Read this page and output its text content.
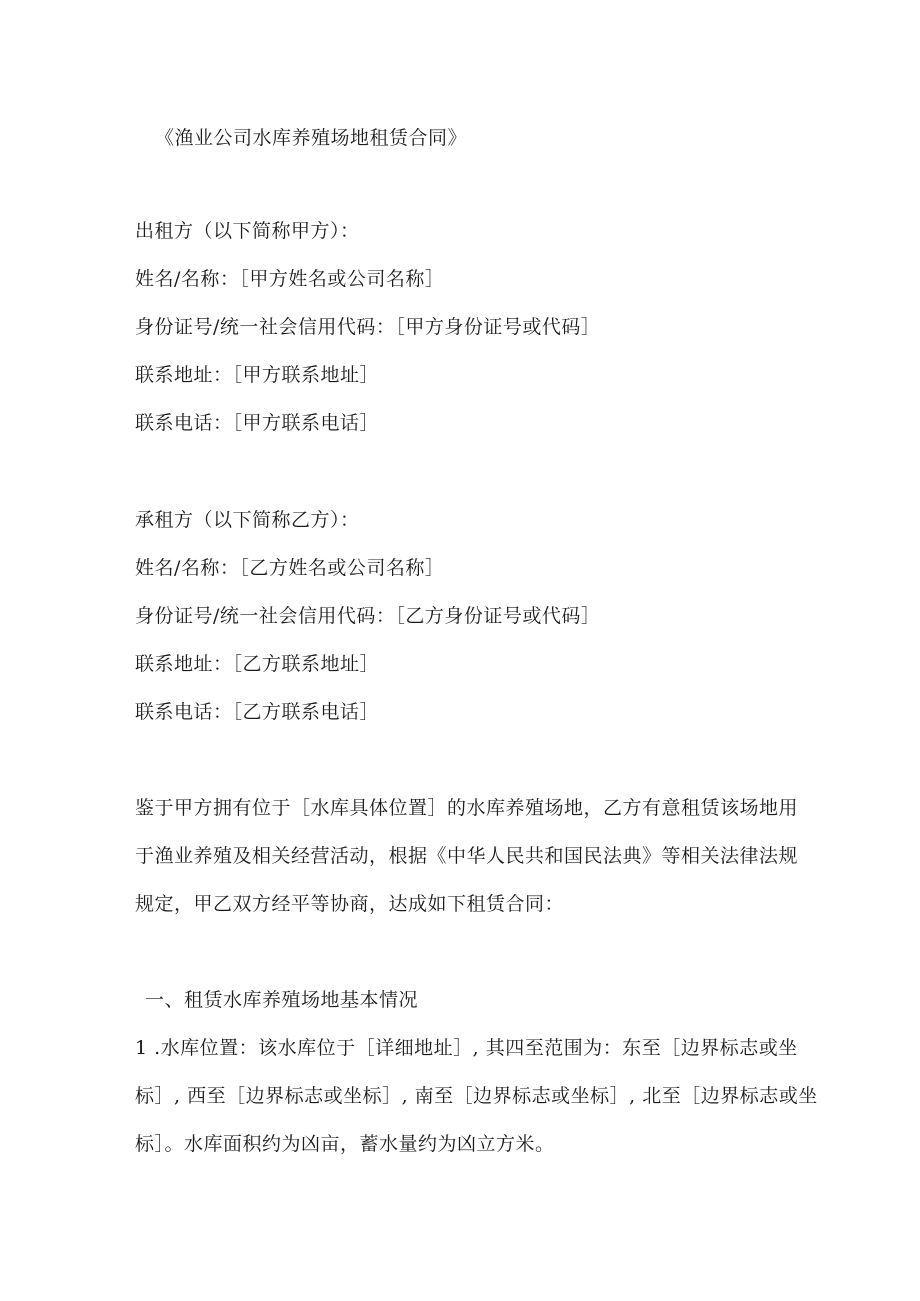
《渔业公司水库养殖场地租赁合同》
出租方（以下简称甲方）：
姓名/名称：［甲方姓名或公司名称］
身份证号/统一社会信用代码：［甲方身份证号或代码］
联系地址：［甲方联系地址］
联系电话：［甲方联系电话］
承租方（以下简称乙方）：
姓名/名称：［乙方姓名或公司名称］
身份证号/统一社会信用代码：［乙方身份证号或代码］
联系地址：［乙方联系地址］
联系电话：［乙方联系电话］
鉴于甲方拥有位于［水库具体位置］的水库养殖场地，乙方有意租赁该场地用
于渔业养殖及相关经营活动，根据《中华人民共和国民法典》等相关法律法规
规定，甲乙双方经平等协商，达成如下租赁合同：
一、租赁水库养殖场地基本情况
1 .水库位置：该水库位于［详细地址］, 其四至范围为：东至［边界标志或坐
标］, 西至［边界标志或坐标］, 南至［边界标志或坐标］, 北至［边界标志或坐
标］。水库面积约为凶亩，蓄水量约为凶立方米。
